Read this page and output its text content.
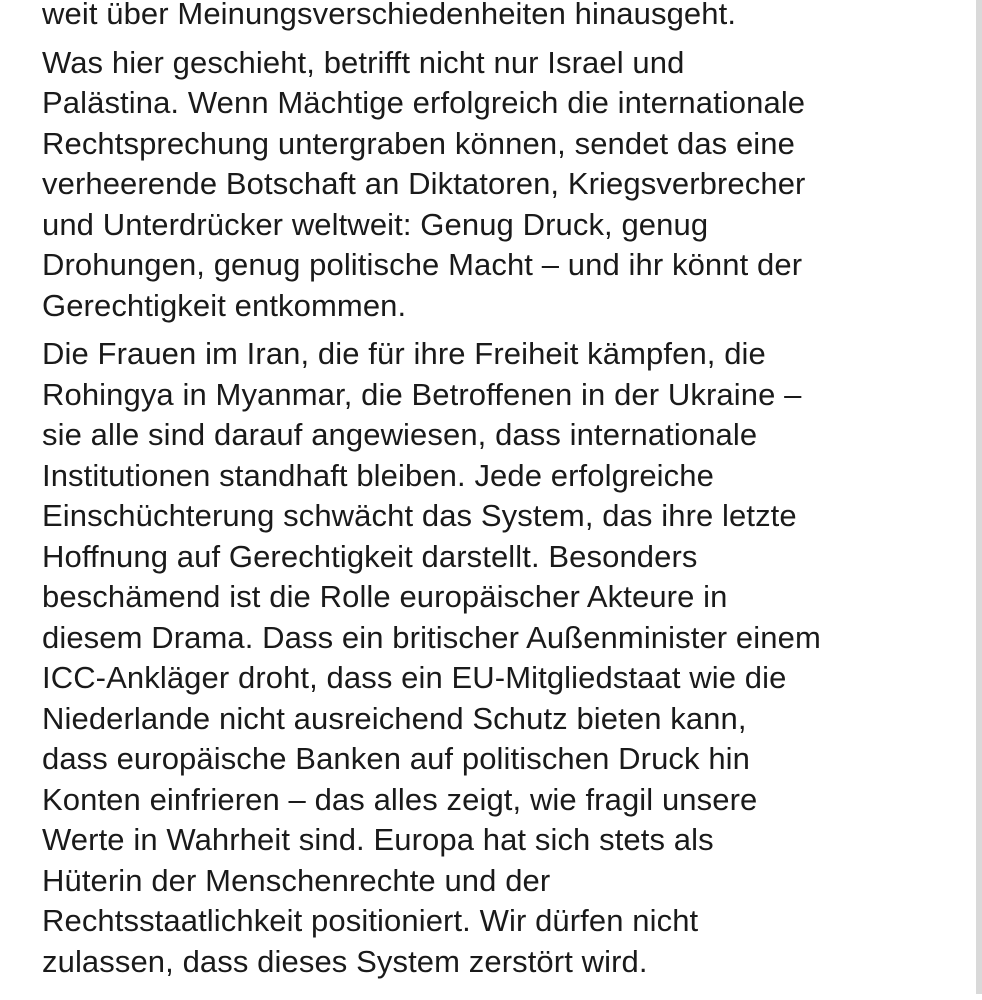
weit über Meinungsverschiedenheiten hinausgeht.
Was hier geschieht, betrifft nicht nur Israel und
Palästina. Wenn Mächtige erfolgreich die internationale
Rechtsprechung untergraben können, sendet das eine
verheerende Botschaft an Diktatoren, Kriegsverbrecher
und Unterdrücker weltweit: Genug Druck, genug
Drohungen, genug politische Macht – und ihr könnt der
Gerechtigkeit entkommen.
Die Frauen im Iran, die für ihre Freiheit kämpfen, die
Rohingya in Myanmar, die Betroffenen in der Ukraine –
sie alle sind darauf angewiesen, dass internationale
Institutionen standhaft bleiben. Jede erfolgreiche
Einschüchterung schwächt das System, das ihre letzte
Hoffnung auf Gerechtigkeit darstellt. Besonders
beschämend ist die Rolle europäischer Akteure in
diesem Drama. Dass ein britischer Außenminister einem
ICC-Ankläger droht, dass ein EU-Mitgliedstaat wie die
Niederlande nicht ausreichend Schutz bieten kann,
dass europäische Banken auf politischen Druck hin
Konten einfrieren – das alles zeigt, wie fragil unsere
Werte in Wahrheit sind. Europa hat sich stets als
Hüterin der Menschenrechte und der
Rechtsstaatlichkeit positioniert. Wir dürfen nicht
zulassen, dass dieses System zerstört wird.
